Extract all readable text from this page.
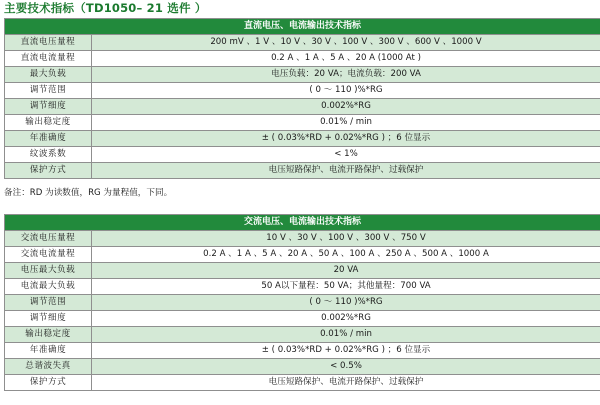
主要技术指标（TD1050– 21 选件 ）
直流电压、电流输出技术指标	
直流电压量程	200 mV 、1 V 、10 V 、30 V 、100 V 、300 V 、600 V 、1000 V
直流电流量程	0.2 A 、1 A 、5 A 、20 A (1000 At )
最大负载	电压负载：20 VA；电流负载：200 VA
调节范围	( 0 ～ 110 )%*RG
调节细度	0.002%*RG
输出稳定度	0.01% / min
年准确度	± ( 0.03%*RD + 0.02%*RG ) ；6 位显示
纹波系数	< 1%
保护方式	电压短路保护、电流开路保护、过载保护
备注：RD 为读数值，RG 为量程值，下同。
交流电压、电流输出技术指标	
交流电压量程	10 V 、30 V 、100 V 、300 V 、750 V
交流电流量程	0.2 A 、1 A 、5 A 、20 A 、50 A 、100 A 、250 A 、500 A 、1000 A
电压最大负载	20 VA
电流最大负载	50 A以下量程：50 VA；其他量程：700 VA
调节范围	( 0 ～ 110 )%*RG
调节细度	0.002%*RG
输出稳定度	0.01% / min
年准确度	± ( 0.03%*RD + 0.02%*RG ) ；6 位显示
总谐波失真	< 0.5%
保护方式	电压短路保护、电流开路保护、过载保护
